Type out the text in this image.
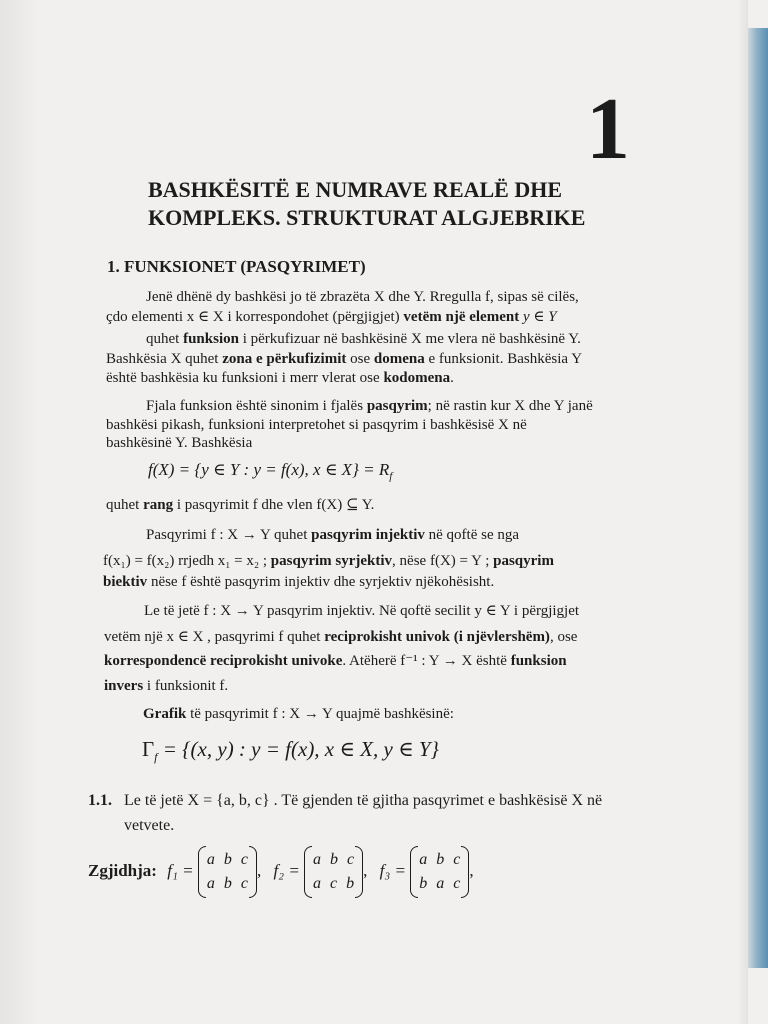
1
BASHKËSITË E NUMRAVE REALË DHE
KOMPLEKS. STRUKTURAT ALGJEBRIKE
1. FUNKSIONET (PASQYRIMET)
Jenë dhënë dy bashkësi jo të zbrazëta X dhe Y. Rregulla f, sipas së cilës,
çdo elementi x ∈ X i korrespondohet (përgjigjet) vetëm një element y ∈ Y
quhet funksion i përkufizuar në bashkësinë X me vlera në bashkësinë Y.
Bashkësia X quhet zona e përkufizimit ose domena e funksionit. Bashkësia Y
është bashkësia ku funksioni i merr vlerat ose kodomena.
Fjala funksion është sinonim i fjalës pasqyrim; në rastin kur X dhe Y janë
bashkësi pikash, funksioni interpretohet si pasqyrim i bashkësisë X në
bashkësinë Y. Bashkësia
f(X) = {y ∈ Y : y = f(x), x ∈ $X\} = R_f$
quhet rang i pasqyrimit f dhe vlen f(X) ⊆ Y.
Pasqyrimi f : X → Y quhet pasqyrim injektiv në qoftë se nga
f(x₁) = f(x₂) rrjedh x₁ = x₂ ; pasqyrim syrjektiv, nëse f(X) = Y ; pasqyrim
biektiv nëse f është pasqyrim injektiv dhe syrjektiv njëkohësisht.
Le të jetë f : X → Y pasqyrim injektiv. Në qoftë secilit y ∈ Y i përgjigjet
vetëm një x ∈ X , pasqyrimi f quhet reciprokisht univok (i njëvlershëm), ose
korrespondencë reciprokisht univoke. Atëherë f⁻¹ : Y → X është funksion
invers i funksionit f.
Grafik të pasqyrimit f : X → Y quajmë bashkësinë:
$\Gamma_f = \{(x$, y) : y = f(x), x ∈ X, y ∈ Y}
1.1. Le të jetë X = {a, b, c} . Të gjenden të gjitha pasqyrimet e bashkësisë X në
vetvete.
Zgjidhja: f₁ =
abc
abc
, f₂ =
abc
acb
, f₃ =
abc
bac
,
